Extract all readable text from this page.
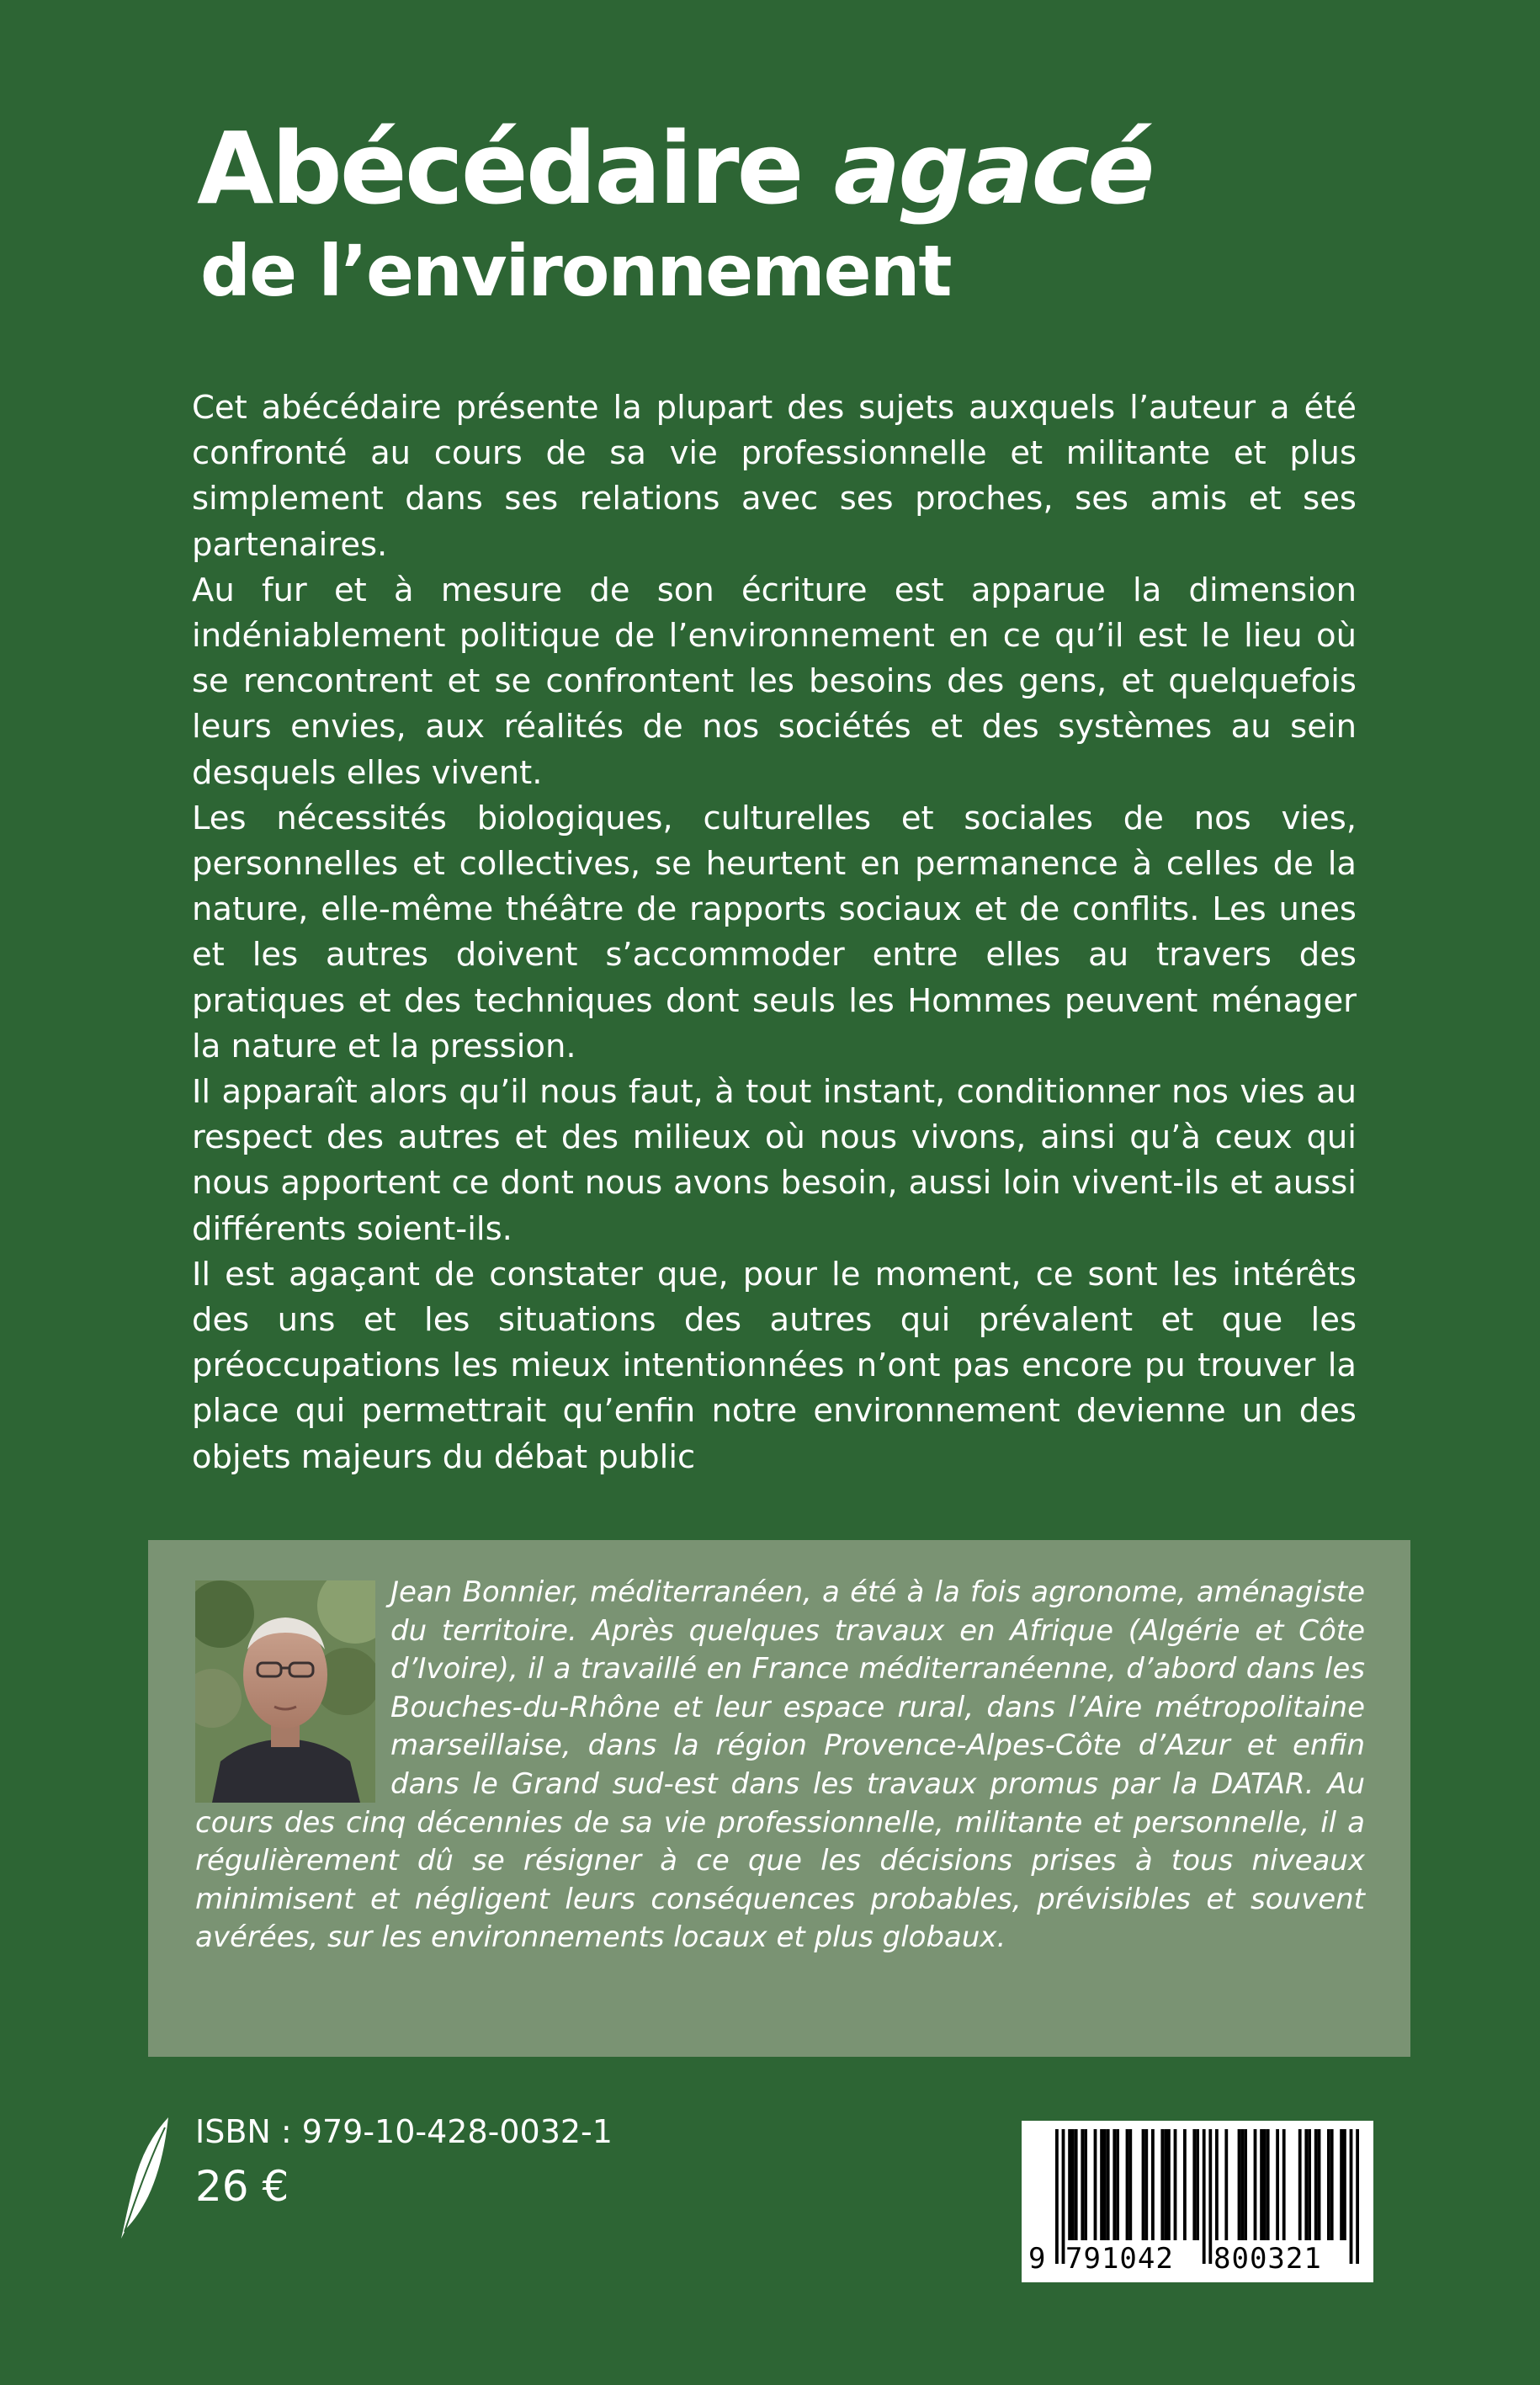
Abécédaire agacé
de l’environnement

Cet abécédaire présente la plupart des sujets auxquels l’auteur a été confronté au cours de sa vie professionnelle et militante et plus simplement dans ses relations avec ses proches, ses amis et ses partenaires.

Au fur et à mesure de son écriture est apparue la dimension indéniablement politique de l’environnement en ce qu’il est le lieu où se rencontrent et se confrontent les besoins des gens, et quelquefois leurs envies, aux réalités de nos sociétés et des systèmes au sein desquels elles vivent.

Les nécessités biologiques, culturelles et sociales de nos vies, personnelles et collectives, se heurtent en permanence à celles de la nature, elle-même théâtre de rapports sociaux et de conflits. Les unes et les autres doivent s’accommoder entre elles au travers des pratiques et des techniques dont seuls les Hommes peuvent ménager la nature et la pression.

Il apparaît alors qu’il nous faut, à tout instant, conditionner nos vies au respect des autres et des milieux où nous vivons, ainsi qu’à ceux qui nous apportent ce dont nous avons besoin, aussi loin vivent-ils et aussi différents soient-ils.

Il est agaçant de constater que, pour le moment, ce sont les intérêts des uns et les situations des autres qui prévalent et que les préoccupations les mieux intentionnées n’ont pas encore pu trouver la place qui permettrait qu’enfin notre environnement devienne un des objets majeurs du débat public

Jean Bonnier, méditerranéen, a été à la fois agronome, aménagiste du territoire. Après quelques travaux en Afrique (Algérie et Côte d’Ivoire), il a travaillé en France méditerranéenne, d’abord dans les Bouches-du-Rhône et leur espace rural, dans l’Aire métropolitaine marseillaise, dans la région Provence-Alpes-Côte d’Azur et enfin dans le Grand sud-est dans les travaux promus par la DATAR. Au cours des cinq décennies de sa vie professionnelle, militante et personnelle, il a régulièrement dû se résigner à ce que les décisions prises à tous niveaux minimisent et négligent leurs conséquences probables, prévisibles et souvent avérées, sur les environnements locaux et plus globaux.

ISBN : 979-10-428-0032-1

26 €

9 791042 800321
